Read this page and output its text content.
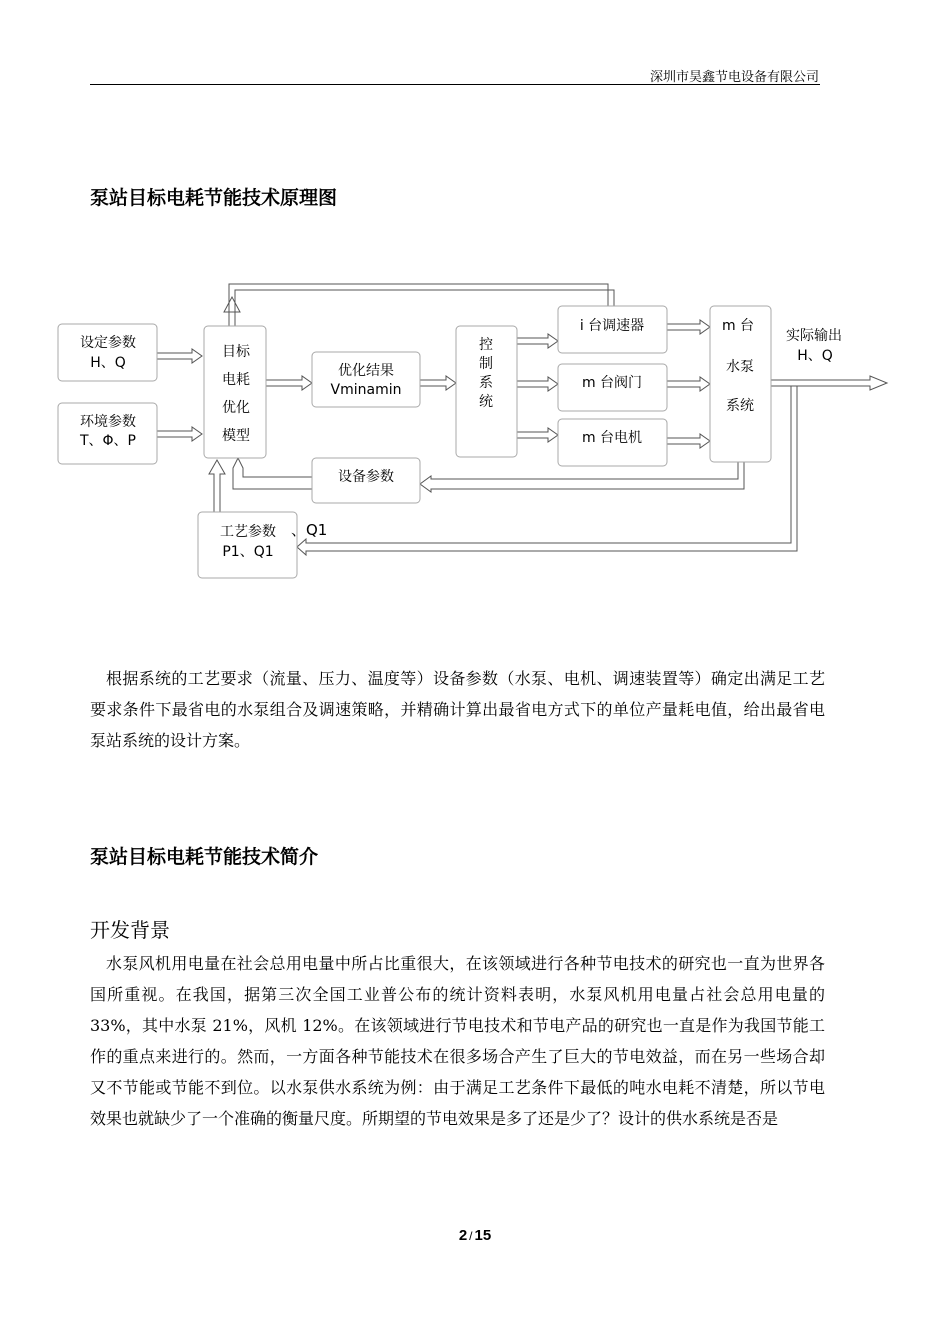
深圳市昊鑫节电设备有限公司
泵站目标电耗节能技术原理图
设定参数
H、Q
环境参数
T、Φ、P
目标
电耗
优化
模型
优化结果
Vminamin
控
制
系
统
i 台调速器
m 台阀门
m 台电机
m 台
水泵
系统
实际输出
H、Q
设备参数
工艺参数
P1、Q1
、Q1
根据系统的工艺要求（流量、压力、温度等）设备参数（水泵、电机、调速装置等）确定出满足工艺要求条件下最省电的水泵组合及调速策略，并精确计算出最省电方式下的单位产量耗电值，给出最省电泵站系统的设计方案。
泵站目标电耗节能技术简介
开发背景
水泵风机用电量在社会总用电量中所占比重很大，在该领域进行各种节电技术的研究也一直为世界各国所重视。在我国，据第三次全国工业普公布的统计资料表明，水泵风机用电量占社会总用电量的 33%，其中水泵 21%，风机 12%。在该领域进行节电技术和节电产品的研究也一直是作为我国节能工作的重点来进行的。然而，一方面各种节能技术在很多场合产生了巨大的节电效益，而在另一些场合却又不节能或节能不到位。以水泵供水系统为例：由于满足工艺条件下最低的吨水电耗不清楚，所以节电效果也就缺少了一个准确的衡量尺度。所期望的节电效果是多了还是少了？设计的供水系统是否是
2 / 15
